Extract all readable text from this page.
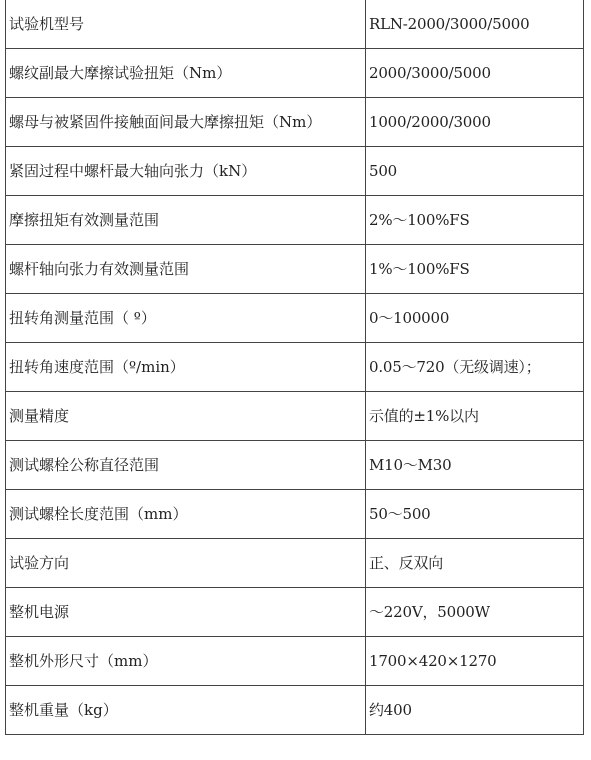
试验机型号	RLN-2000/3000/5000
螺纹副最大摩擦试验扭矩（Nm）	2000/3000/5000
螺母与被紧固件接触面间最大摩擦扭矩（Nm）	1000/2000/3000
紧固过程中螺杆最大轴向张力（kN）	500
摩擦扭矩有效测量范围	2%～100%FS
螺杆轴向张力有效测量范围	1%～100%FS
扭转角测量范围（ º）	0～100000
扭转角速度范围（º/min）	0.05～720（无级调速）；
测量精度	示值的±1%以内
测试螺栓公称直径范围	M10～M30
测试螺栓长度范围（mm）	50～500
试验方向	正、反双向
整机电源	～220V，5000W
整机外形尺寸（mm）	1700×420×1270
整机重量（kg）	约400
